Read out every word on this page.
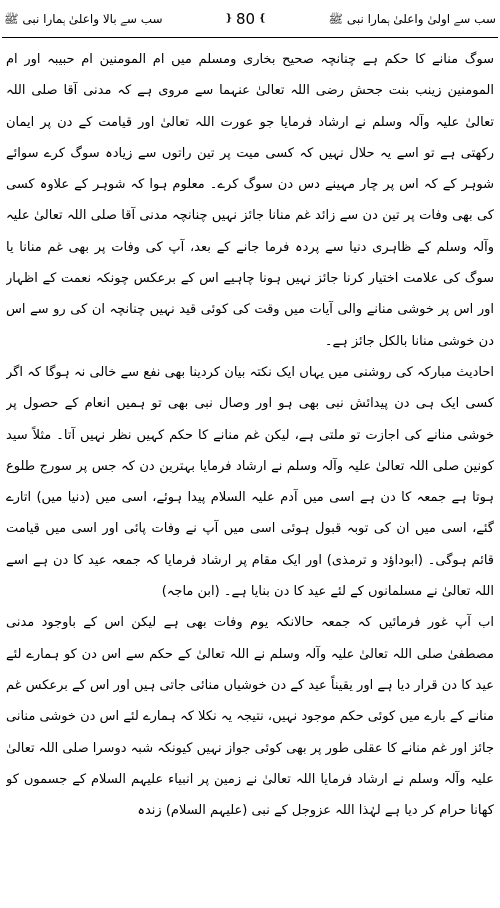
سب سے اولیٰ واعلیٰ ہمارا نبی ﷺ
❵
80
❴
سب سے بالا واعلیٰ ہمارا نبی ﷺ

سوگ منانے کا حکم ہے چنانچہ صحیح بخاری ومسلم میں ام المومنین ام حبیبہ اور ام المومنین زینب بنت جحش رضی اللہ تعالیٰ عنہما سے مروی ہے کہ مدنی آقا صلی اللہ تعالیٰ علیہ وآلہ وسلم نے ارشاد فرمایا جو عورت اللہ تعالیٰ اور قیامت کے دن پر ایمان رکھتی ہے تو اسے یہ حلال نہیں کہ کسی میت پر تین راتوں سے زیادہ سوگ کرے سوائے شوہر کے کہ اس پر چار مہینے دس دن سوگ کرے۔ معلوم ہوا کہ شوہر کے علاوہ کسی کی بھی وفات پر تین دن سے زائد غم منانا جائز نہیں چنانچہ مدنی آقا صلی اللہ تعالیٰ علیہ وآلہ وسلم کے ظاہری دنیا سے پردہ فرما جانے کے بعد، آپ کی وفات پر بھی غم منانا یا سوگ کی علامت اختیار کرنا جائز نہیں ہونا چاہیے اس کے برعکس چونکہ نعمت کے اظہار اور اس پر خوشی منانے والی آیات میں وقت کی کوئی قید نہیں چنانچہ ان کی رو سے اس دن خوشی منانا بالکل جائز ہے۔

احادیث مبارکہ کی روشنی میں یہاں ایک نکتہ بیان کردینا بھی نفع سے خالی نہ ہوگا کہ اگر کسی ایک ہی دن پیدائش نبی بھی ہو اور وصال نبی بھی تو ہمیں انعام کے حصول پر خوشی منانے کی اجازت تو ملتی ہے، لیکن غم منانے کا حکم کہیں نظر نہیں آتا۔ مثلاً سید کونین صلی اللہ تعالیٰ علیہ وآلہ وسلم نے ارشاد فرمایا بہترین دن کہ جس پر سورج طلوع ہوتا ہے جمعہ کا دن ہے اسی میں آدم علیہ السلام پیدا ہوئے، اسی میں (دنیا میں) اتارے گئے، اسی میں ان کی توبہ قبول ہوئی اسی میں آپ نے وفات پائی اور اسی میں قیامت قائم ہوگی۔ (ابوداؤد و ترمذی) اور ایک مقام پر ارشاد فرمایا کہ جمعہ عید کا دن ہے اسے اللہ تعالیٰ نے مسلمانوں کے لئے عید کا دن بنایا ہے۔ (ابن ماجہ)

اب آپ غور فرمائیں کہ جمعہ حالانکہ یوم وفات بھی ہے لیکن اس کے باوجود مدنی مصطفیٰ صلی اللہ تعالیٰ علیہ وآلہ وسلم نے اللہ تعالیٰ کے حکم سے اس دن کو ہمارے لئے عید کا دن قرار دیا ہے اور یقیناً عید کے دن خوشیاں منائی جاتی ہیں اور اس کے برعکس غم منانے کے بارے میں کوئی حکم موجود نہیں، نتیجہ یہ نکلا کہ ہمارے لئے اس دن خوشی منانی جائز اور غم منانے کا عقلی طور پر بھی کوئی جواز نہیں کیونکہ شبہ دوسرا صلی اللہ تعالیٰ علیہ وآلہ وسلم نے ارشاد فرمایا اللہ تعالیٰ نے زمین پر انبیاء علیہم السلام کے جسموں کو کھانا حرام کر دیا ہے لہٰذا اللہ عزوجل کے نبی (علیہم السلام) زندہ
